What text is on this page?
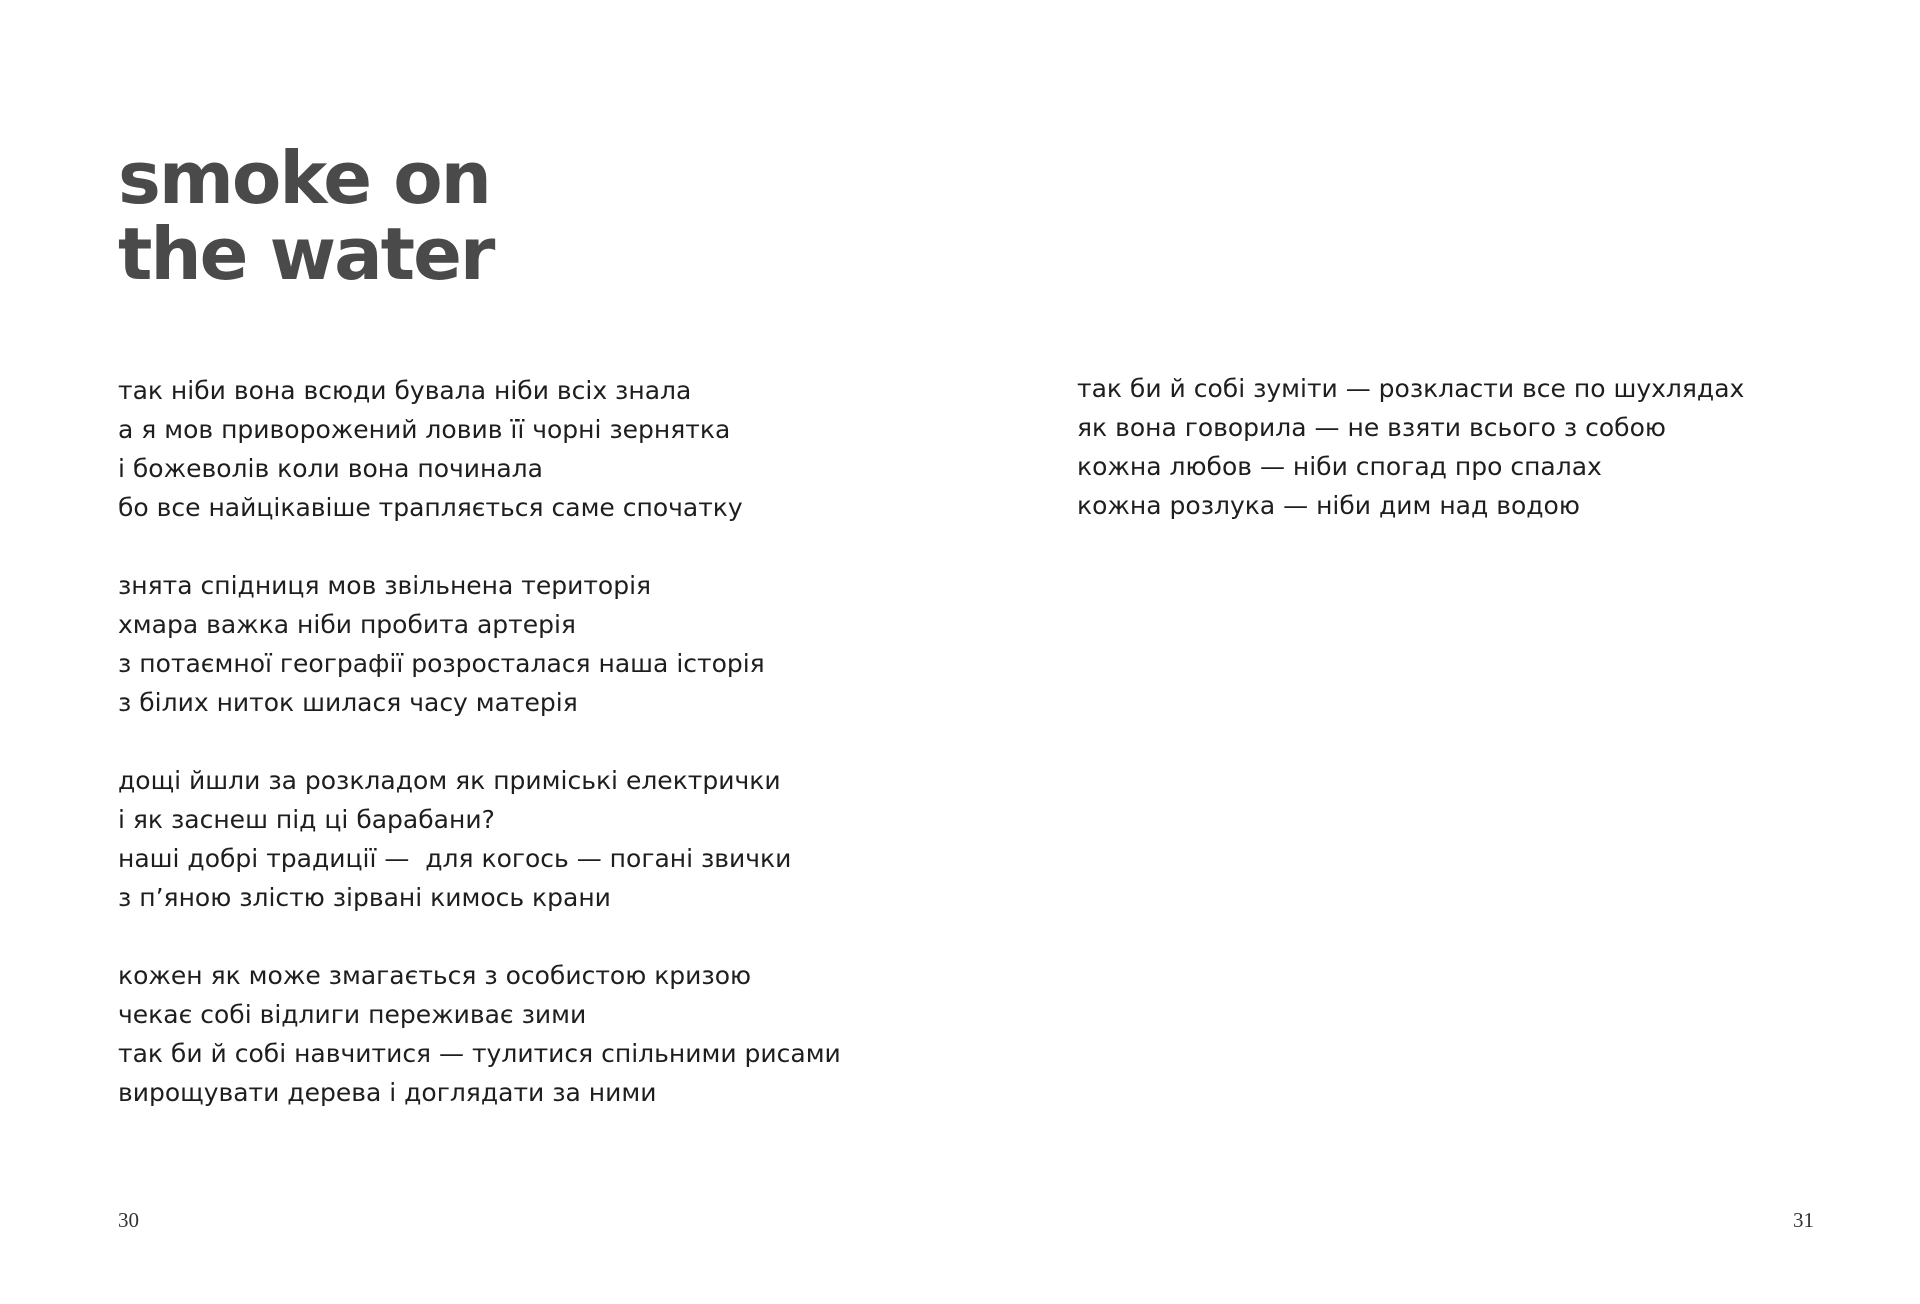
smoke on
the water
так ніби вона всюди бувала ніби всіх знала
а я мов приворожений ловив її чорні зернятка
і божеволів коли вона починала
бо все найцікавіше трапляється саме спочатку
знята спідниця мов звільнена територія
хмара важка ніби пробита артерія
з потаємної географії розросталася наша історія
з білих ниток шилася часу матерія
дощі йшли за розкладом як приміські електрички
і як заснеш під ці барабани?
наші добрі традиції —  для когось — погані звички
з п’яною злістю зірвані кимось крани
кожен як може змагається з особистою кризою
чекає собі відлиги переживає зими
так би й собі навчитися — тулитися спільними рисами
вирощувати дерева і доглядати за ними
так би й собі зуміти — розкласти все по шухлядах
як вона говорила — не взяти всього з собою
кожна любов — ніби спогад про спалах
кожна розлука — ніби дим над водою
30	31
